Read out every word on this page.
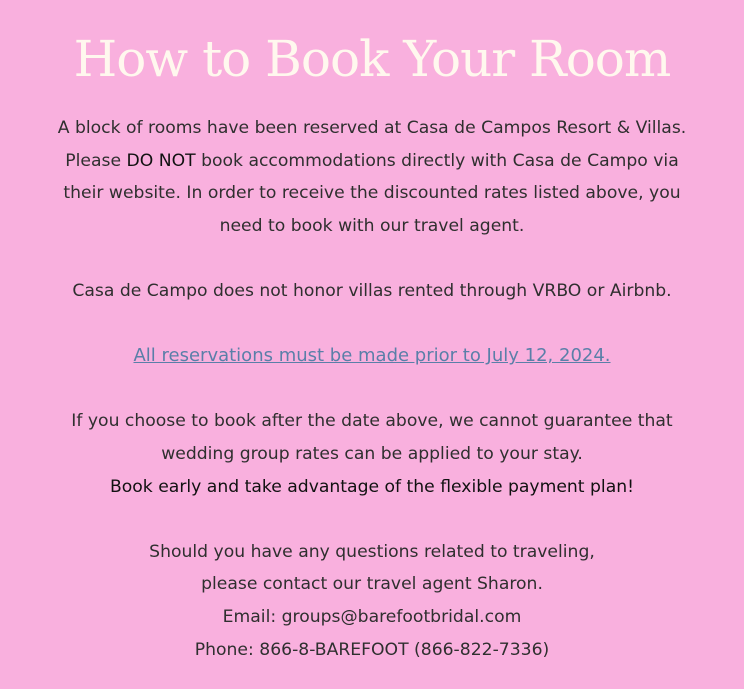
How to Book Your Room

A block of rooms have been reserved at Casa de Campos Resort & Villas.

Please DO NOT book accommodations directly with Casa de Campo via

their website. In order to receive the discounted rates listed above, you

need to book with our travel agent.

Casa de Campo does not honor villas rented through VRBO or Airbnb.

All reservations must be made prior to July 12, 2024.

If you choose to book after the date above, we cannot guarantee that

wedding group rates can be applied to your stay.

Book early and take advantage of the flexible payment plan!

Should you have any questions related to traveling,

please contact our travel agent Sharon.

Email: groups@barefootbridal.com

Phone: 866-8-BAREFOOT (866-822-7336)
